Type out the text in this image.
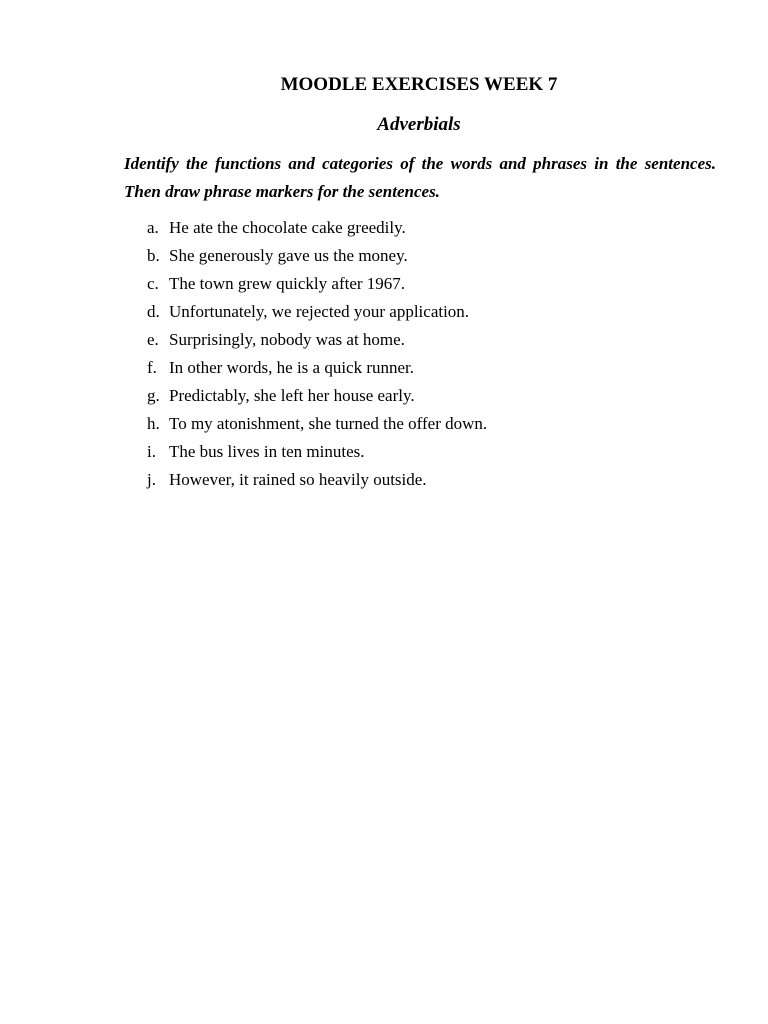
MOODLE EXERCISES WEEK 7
Adverbials
Identify the functions and categories of the words and phrases in the sentences. Then draw phrase markers for the sentences.
a. He ate the chocolate cake greedily.
b. She generously gave us the money.
c. The town grew quickly after 1967.
d. Unfortunately, we rejected your application.
e. Surprisingly, nobody was at home.
f. In other words, he is a quick runner.
g. Predictably, she left her house early.
h. To my atonishment, she turned the offer down.
i. The bus lives in ten minutes.
j. However, it rained so heavily outside.
